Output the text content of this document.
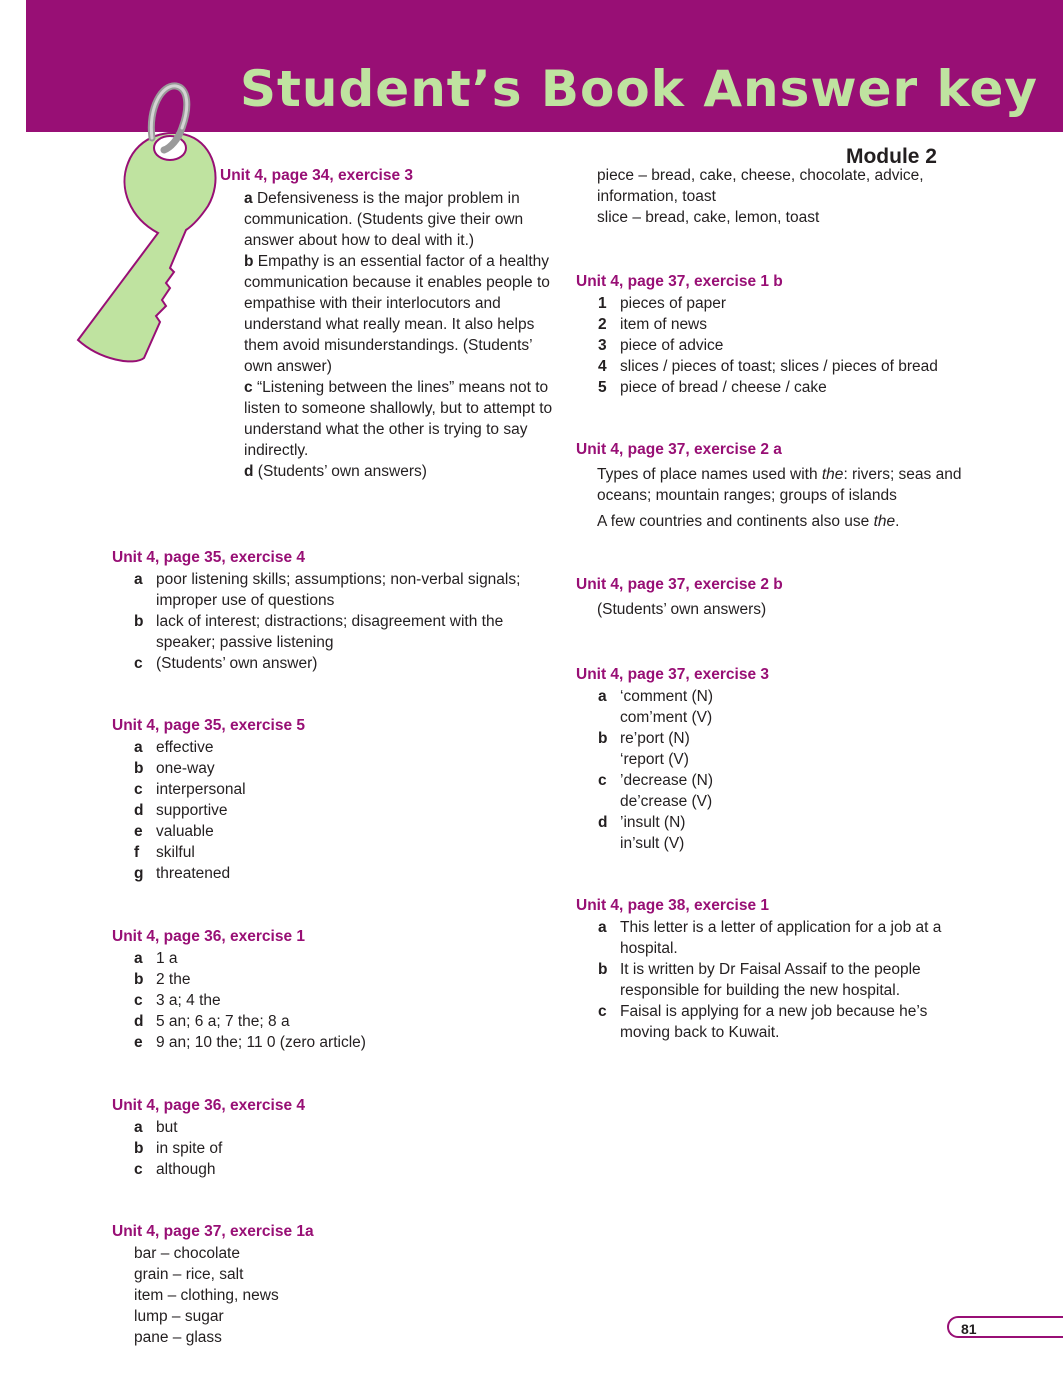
Student’s Book Answer key
Module 2
Unit 4, page 34, exercise 3

a Defensiveness is the major problem in communication. (Students give their own answer about how to deal with it.)

b Empathy is an essential factor of a healthy communication because it enables people to empathise with their interlocutors and understand what really mean. It also helps them avoid misunderstandings. (Students’ own answer)

c “Listening between the lines” means not to listen to someone shallowly, but to attempt to understand what the other is trying to say indirectly.

d (Students’ own answers)

Unit 4, page 35, exercise 4
a poor listening skills; assumptions; non-verbal signals; improper use of questions
b lack of interest; distractions; disagreement with the speaker; passive listening
c (Students’ own answer)
Unit 4, page 35, exercise 5
a effective
b one-way
c interpersonal
d supportive
e valuable
f	skilful
g threatened
Unit 4, page 36, exercise 1
a 1 a
b 2 the
c 3 a; 4 the
d 5 an; 6 a; 7 the; 8 a
e 9 an; 10 the; 11 0 (zero article)
Unit 4, page 36, exercise 4
a but
b in spite of
c although
Unit 4, page 37, exercise 1a
bar – chocolate
grain – rice, salt
item – clothing, news
lump – sugar
pane – glass
piece – bread, cake, cheese, chocolate, advice,
information, toast
slice – bread, cake, lemon, toast
Unit 4, page 37, exercise 1 b
1 pieces of paper
2 item of news
3 piece of advice
4 slices / pieces of toast; slices / pieces of bread
5 piece of bread / cheese / cake
Unit 4, page 37, exercise 2 a

Types of place names used with the: rivers; seas and oceans; mountain ranges; groups of islands

A few countries and continents also use the.

Unit 4, page 37, exercise 2 b
(Students’ own answers)
Unit 4, page 37, exercise 3
a ‘comment (N)
com’ment (V)
b re’port (N)
‘report (V)
c ’decrease (N)
de’crease (V)
d ’insult (N)
in’sult (V)
Unit 4, page 38, exercise 1
a This letter is a letter of application for a job at a hospital.
b It is written by Dr Faisal Assaif to the people responsible for building the new hospital.
c Faisal is applying for a new job because he’s moving back to Kuwait.
81
